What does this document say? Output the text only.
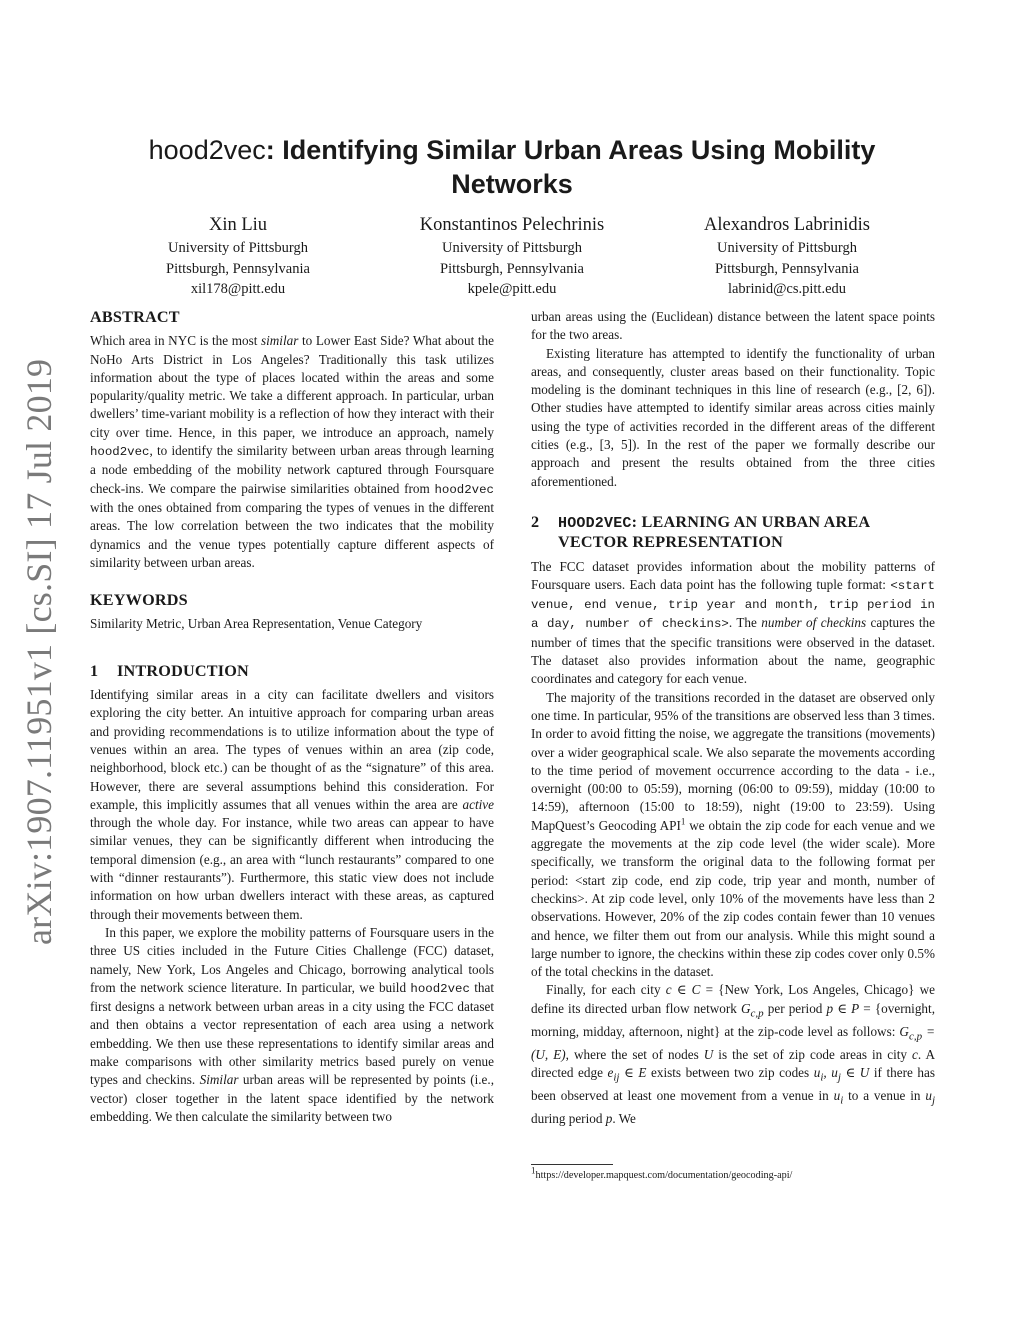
arXiv:1907.11951v1 [cs.SI] 17 Jul 2019
hood2vec: Identifying Similar Urban Areas Using Mobility Networks
Xin Liu
University of Pittsburgh
Pittsburgh, Pennsylvania
xil178@pitt.edu
Konstantinos Pelechrinis
University of Pittsburgh
Pittsburgh, Pennsylvania
kpele@pitt.edu
Alexandros Labrinidis
University of Pittsburgh
Pittsburgh, Pennsylvania
labrinid@cs.pitt.edu

ABSTRACT

Which area in NYC is the most similar to Lower East Side? What about the NoHo Arts District in Los Angeles? Traditionally this task utilizes information about the type of places located within the areas and some popularity/quality metric. We take a different approach. In particular, urban dwellers’ time-variant mobility is a reflection of how they interact with their city over time. Hence, in this paper, we introduce an approach, namely hood2vec, to identify the similarity between urban areas through learning a node embedding of the mobility network captured through Foursquare check-ins. We compare the pairwise similarities obtained from hood2vec with the ones obtained from comparing the types of venues in the different areas. The low correlation between the two indicates that the mobility dynamics and the venue types potentially capture different aspects of similarity between urban areas.

KEYWORDS

Similarity Metric, Urban Area Representation, Venue Category

1 INTRODUCTION

Identifying similar areas in a city can facilitate dwellers and visitors exploring the city better. An intuitive approach for comparing urban areas and providing recommendations is to utilize information about the type of venues within an area. The types of venues within an area (zip code, neighborhood, block etc.) can be thought of as the “signature” of this area. However, there are several assumptions behind this consideration. For example, this implicitly assumes that all venues within the area are active through the whole day. For instance, while two areas can appear to have similar venues, they can be significantly different when introducing the temporal dimension (e.g., an area with “lunch restaurants” compared to one with “dinner restaurants”). Furthermore, this static view does not include information on how urban dwellers interact with these areas, as captured through their movements between them.

In this paper, we explore the mobility patterns of Foursquare users in the three US cities included in the Future Cities Challenge (FCC) dataset, namely, New York, Los Angeles and Chicago, borrowing analytical tools from the network science literature. In particular, we build hood2vec that first designs a network between urban areas in a city using the FCC dataset and then obtains a vector representation of each area using a network embedding. We then use these representations to identify similar areas and make comparisons with other similarity metrics based purely on venue types and checkins. Similar urban areas will be represented by points (i.e., vector) closer together in the latent space identified by the network embedding. We then calculate the similarity between two

urban areas using the (Euclidean) distance between the latent space points for the two areas.

Existing literature has attempted to identify the functionality of urban areas, and consequently, cluster areas based on their functionality. Topic modeling is the dominant techniques in this line of research (e.g., [2, 6]). Other studies have attempted to identify similar areas across cities mainly using the type of activities recorded in the different areas of the different cities (e.g., [3, 5]). In the rest of the paper we formally describe our approach and present the results obtained from the three cities aforementioned.

2 HOOD2VEC: LEARNING AN URBAN AREA
VECTOR REPRESENTATION

The FCC dataset provides information about the mobility patterns of Foursquare users. Each data point has the following tuple format: <start venue, end venue, trip year and month, trip period in a day, number of checkins>. The number of checkins captures the number of times that the specific transitions were observed in the dataset. The dataset also provides information about the name, geographic coordinates and category for each venue.

The majority of the transitions recorded in the dataset are observed only one time. In particular, 95% of the transitions are observed less than 3 times. In order to avoid fitting the noise, we aggregate the transitions (movements) over a wider geographical scale. We also separate the movements according to the time period of movement occurrence according to the data - i.e., overnight (00:00 to 05:59), morning (06:00 to 09:59), midday (10:00 to 14:59), afternoon (15:00 to 18:59), night (19:00 to 23:59). Using MapQuest’s Geocoding API$^1$ we obtain the zip code for each venue and we aggregate the movements at the zip code level (the wider scale). More specifically, we transform the original data to the following format per period: <start zip code, end zip code, trip year and month, number of checkins>. At zip code level, only 10% of the movements have less than 2 observations. However, 20% of the zip codes contain fewer than 10 venues and hence, we filter them out from our analysis. While this might sound a large number to ignore, the checkins within these zip codes cover only 0.5% of the total checkins in the dataset.

Finally, for each city c ∈ C = {New York, Los Angeles, Chicago} we define its directed urban flow network $G_{c,p}$ per period p ∈ P = {overnight, morning, midday, afternoon, night} at the zip-code level as follows: $G_{c,p} = (U$, E), where the set of nodes U is the set of zip code areas in city c. A directed edge $e_{ij}$ ∈ E exists between two zip codes $u_i$, $u_j$ ∈ U if there has been observed at least one movement from a venue in $u_i$ to a venue in $u_j$ during period p. We

$^1$https://developer.mapquest.com/documentation/geocoding-api/
